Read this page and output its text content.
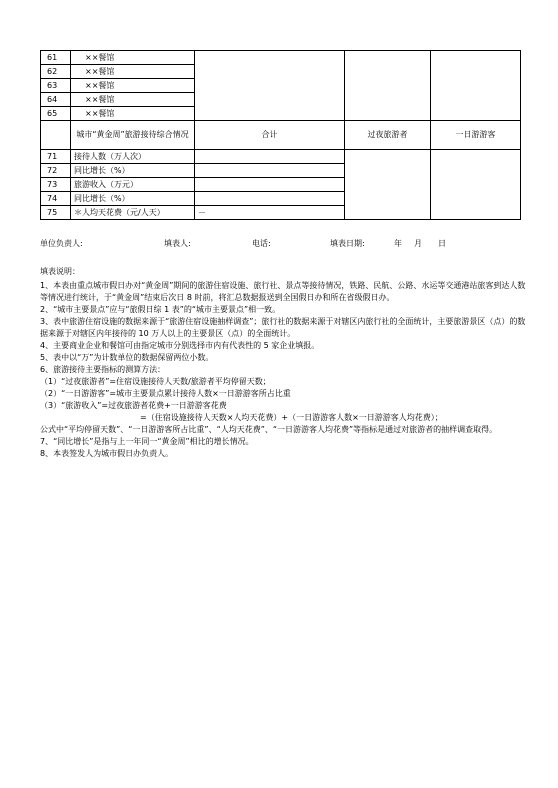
61	××餐馆			
62	××餐馆			
63	××餐馆			
64	××餐馆			
65	××餐馆			
	城市“黄金周”旅游接待综合情况	合计	过夜旅游者	一日游游客
71	接待人数（万人次）			
72	同比增长（%）			
73	旅游收入（万元）			
74	同比增长（%）			
75	＊人均天花费（元/人天）	－		
单位负责人:	填表人:	电话:	填表日期:	年 月 日

填表说明：

1、本表由重点城市假日办对“黄金周”期间的旅游住宿设施、旅行社、景点等接待情况，铁路、民航、公路、水运等交通港站旅客到达人数等情况进行统计，于“黄金周”结束后次日 8 时前，将汇总数据报送到全国假日办和所在省级假日办。

2、“城市主要景点”应与“旅假日综 1 表”的“城市主要景点”相一致。

3、表中旅游住宿设施的数据来源于“旅游住宿设施抽样调查”；旅行社的数据来源于对辖区内旅行社的全面统计，主要旅游景区（点）的数据来源于对辖区内年接待的 10 万人以上的主要景区（点）的全面统计。

4、主要商业企业和餐馆可由指定城市分别选择市内有代表性的 5 家企业填报。

5、表中以“万”为计数单位的数据保留两位小数。

6、旅游接待主要指标的测算方法：

（1）“过夜旅游者”=住宿设施接待人天数/旅游者平均停留天数；

（2）“一日游游客”=城市主要景点累计接待人数×一日游游客所占比重

（3）“旅游收入”=过夜旅游者花费+一日游游客花费

=（住宿设施接待人天数×人均天花费）+（一日游游客人数×一日游游客人均花费）；

公式中“平均停留天数”、“一日游游客所占比重”、“人均天花费”、“一日游游客人均花费”等指标是通过对旅游者的抽样调查取得。

7、“同比增长”是指与上一年同一“黄金周”相比的增长情况。

8、本表签发人为城市假日办负责人。
